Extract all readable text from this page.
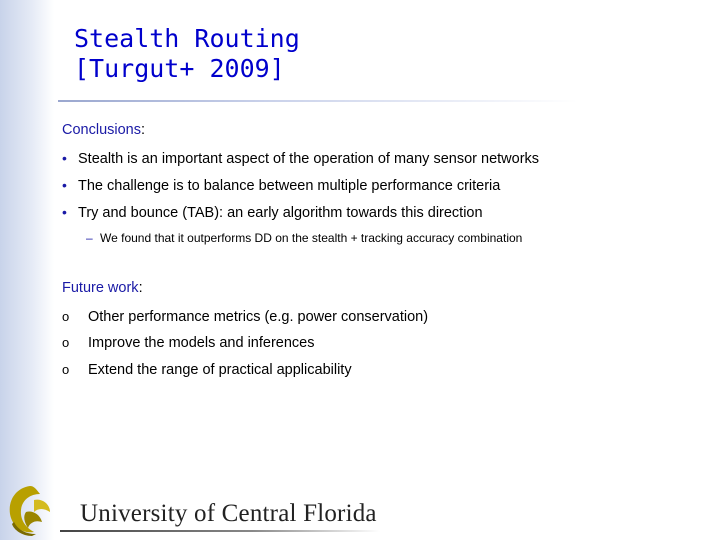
Stealth Routing
[Turgut+ 2009]
Conclusions:
• Stealth is an important aspect of the operation of many sensor networks
• The challenge is to balance between multiple performance criteria
• Try and bounce (TAB): an early algorithm towards this direction
– We found that it outperforms DD on the stealth + tracking accuracy combination
Future work:
o Other performance metrics (e.g. power conservation)
o Improve the models and inferences
o Extend the range of practical applicability
University of Central Florida
